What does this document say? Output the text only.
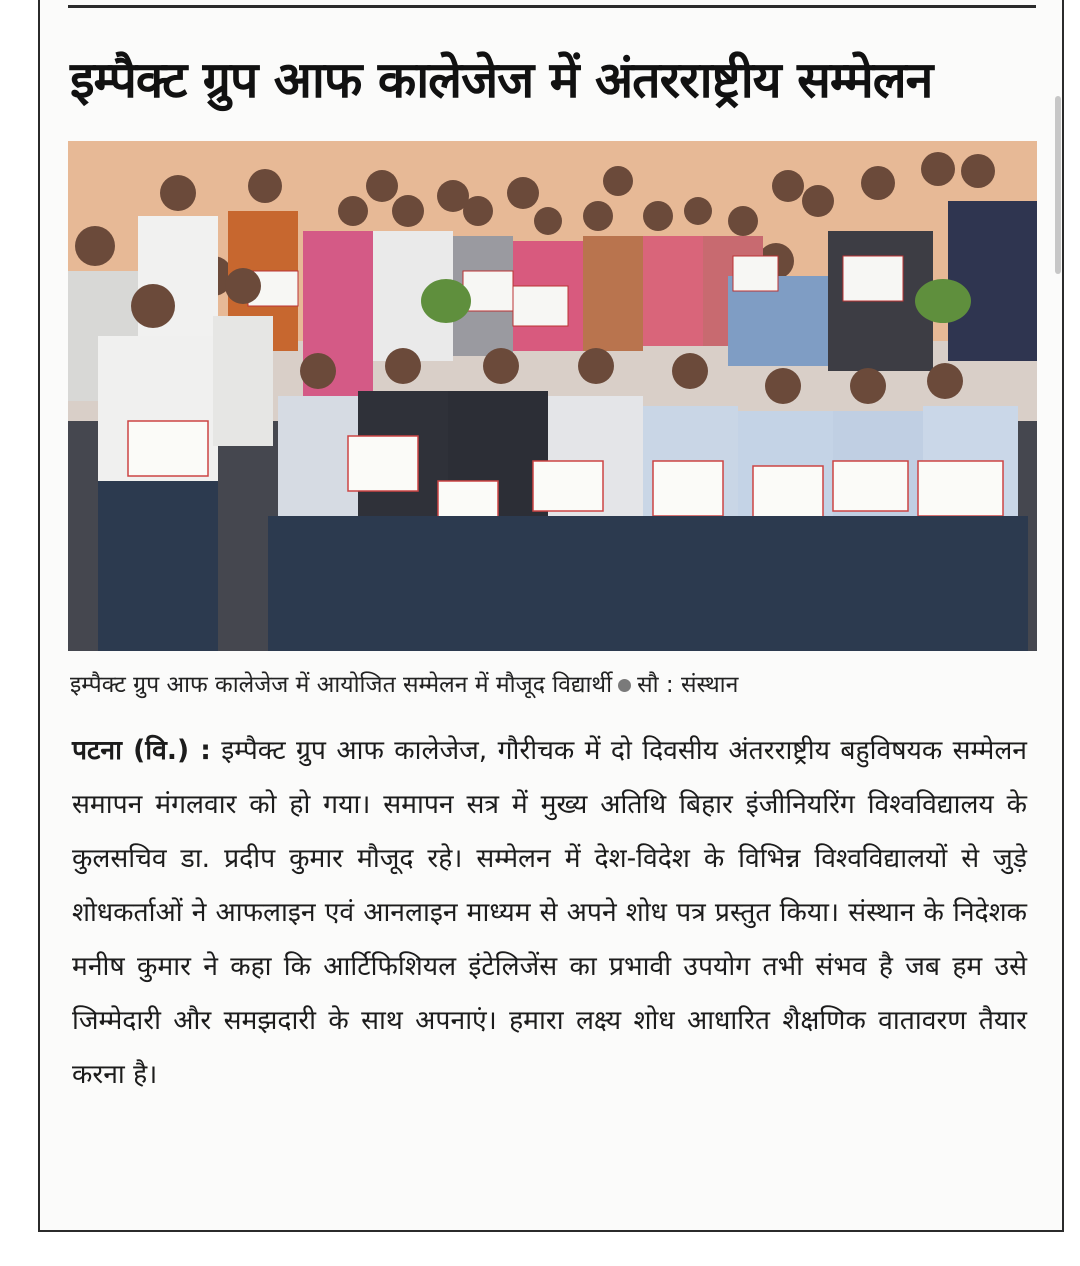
इम्पैक्ट ग्रुप आफ कालेजेज में अंतरराष्ट्रीय सम्मेलन

इम्पैक्ट ग्रुप आफ कालेजेज में आयोजित सम्मेलन में मौजूद विद्यार्थी सौ : संस्थान

पटना (वि.) : इम्पैक्ट ग्रुप आफ कालेजेज, गौरीचक में दो दिवसीय अंतरराष्ट्रीय बहुविषयक सम्मेलन समापन मंगलवार को हो गया। समापन सत्र में मुख्य अतिथि बिहार इंजीनियरिंग विश्वविद्यालय के कुलसचिव डा. प्रदीप कुमार मौजूद रहे। सम्मेलन में देश-विदेश के विभिन्न विश्वविद्यालयों से जुड़े शोधकर्ताओं ने आफलाइन एवं आनलाइन माध्यम से अपने शोध पत्र प्रस्तुत किया। संस्थान के निदेशक मनीष कुमार ने कहा कि आर्टिफिशियल इंटेलिजेंस का प्रभावी उपयोग तभी संभव है जब हम उसे जिम्मेदारी और समझदारी के साथ अपनाएं। हमारा लक्ष्य शोध आधारित शैक्षणिक वातावरण तैयार करना है।
